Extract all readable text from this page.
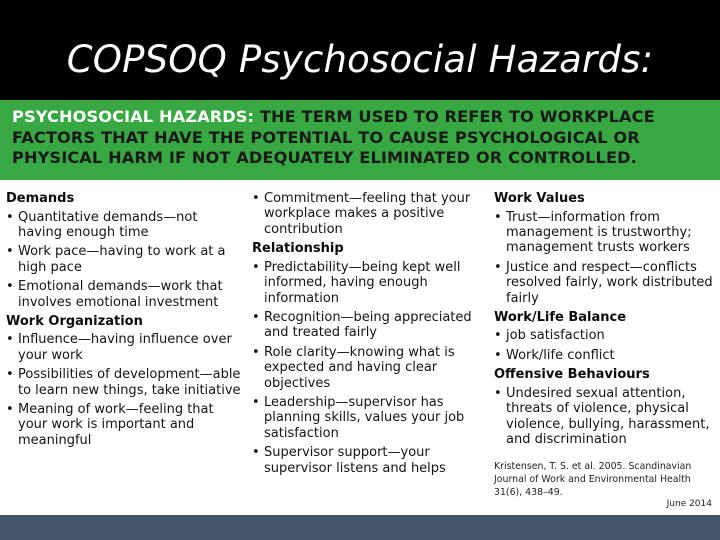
COPSOQ Psychosocial Hazards:
PSYCHOSOCIAL HAZARDS: THE TERM USED TO REFER TO WORKPLACE
FACTORS THAT HAVE THE POTENTIAL TO CAUSE PSYCHOLOGICAL OR
PHYSICAL HARM IF NOT ADEQUATELY ELIMINATED OR CONTROLLED.

Demands

• Quantitative demands—not having enough time
• Work pace—having to work at a high pace
• Emotional demands—work that involves emotional investment

Work Organization

• Influence—having influence over your work
• Possibilities of development—able to learn new things, take initiative
• Meaning of work—feeling that your work is important and meaningful
• Commitment—feeling that your workplace makes a positive contribution

Relationship

• Predictability—being kept well informed, having enough information
• Recognition—being appreciated and treated fairly
• Role clarity—knowing what is expected and having clear objectives
• Leadership—supervisor has planning skills, values your job satisfaction
• Supervisor support—your supervisor listens and helps

Work Values

• Trust—information from management is trustworthy; management trusts workers
• Justice and respect—conflicts resolved fairly, work distributed fairly

Work/Life Balance

• job satisfaction
• Work/life conflict

Offensive Behaviours

• Undesired sexual attention, threats of violence, physical violence, bullying, harassment, and discrimination
Kristensen, T. S. et al. 2005. Scandinavian Journal of Work and Environmental Health 31(6), 438–49.
June 2014
